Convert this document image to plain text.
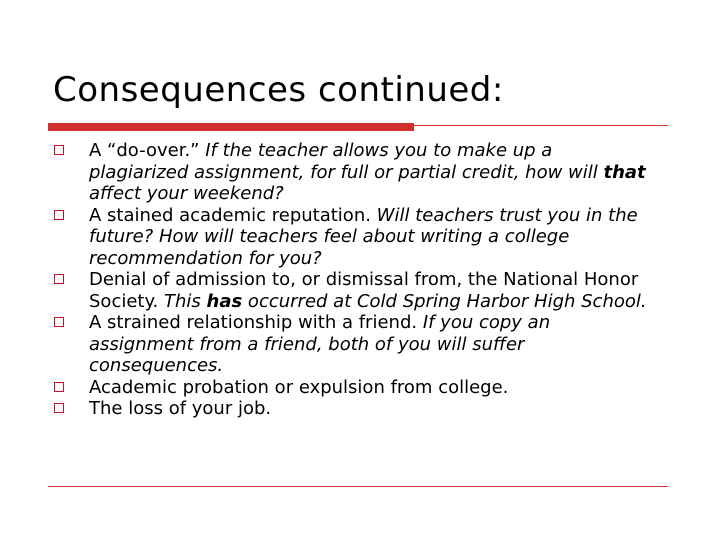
Consequences continued:
A “do-over.” If the teacher allows you to make up a plagiarized assignment, for full or partial credit, how will that affect your weekend?
A stained academic reputation. Will teachers trust you in the future? How will teachers feel about writing a college recommendation for you?
Denial of admission to, or dismissal from, the National Honor Society. This has occurred at Cold Spring Harbor High School.
A strained relationship with a friend. If you copy an assignment from a friend, both of you will suffer consequences.
Academic probation or expulsion from college.
The loss of your job.
